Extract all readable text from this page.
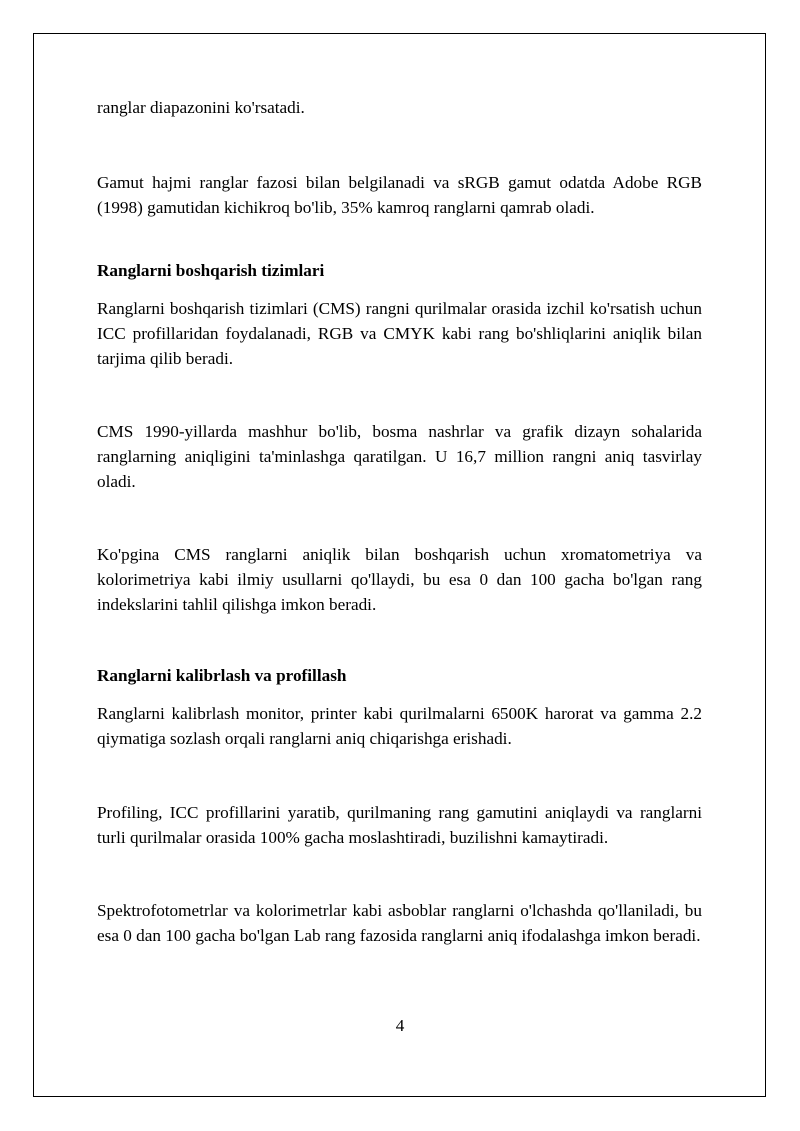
ranglar diapazonini ko'rsatadi.

Gamut hajmi ranglar fazosi bilan belgilanadi va sRGB gamut odatda Adobe RGB (1998) gamutidan kichikroq bo'lib, 35% kamroq ranglarni qamrab oladi.

Ranglarni boshqarish tizimlari

Ranglarni boshqarish tizimlari (CMS) rangni qurilmalar orasida izchil ko'rsatish uchun ICC profillaridan foydalanadi, RGB va CMYK kabi rang bo'shliqlarini aniqlik bilan tarjima qilib beradi.

CMS 1990-yillarda mashhur bo'lib, bosma nashrlar va grafik dizayn sohalarida ranglarning aniqligini ta'minlashga qaratilgan. U 16,7 million rangni aniq tasvirlay oladi.

Ko'pgina CMS ranglarni aniqlik bilan boshqarish uchun xromatometriya va kolorimetriya kabi ilmiy usullarni qo'llaydi, bu esa 0 dan 100 gacha bo'lgan rang indekslarini tahlil qilishga imkon beradi.

Ranglarni kalibrlash va profillash

Ranglarni kalibrlash monitor, printer kabi qurilmalarni 6500K harorat va gamma 2.2 qiymatiga sozlash orqali ranglarni aniq chiqarishga erishadi.

Profiling, ICC profillarini yaratib, qurilmaning rang gamutini aniqlaydi va ranglarni turli qurilmalar orasida 100% gacha moslashtiradi, buzilishni kamaytiradi.

Spektrofotometrlar va kolorimetrlar kabi asboblar ranglarni o'lchashda qo'llaniladi, bu esa 0 dan 100 gacha bo'lgan Lab rang fazosida ranglarni aniq ifodalashga imkon beradi.

4
